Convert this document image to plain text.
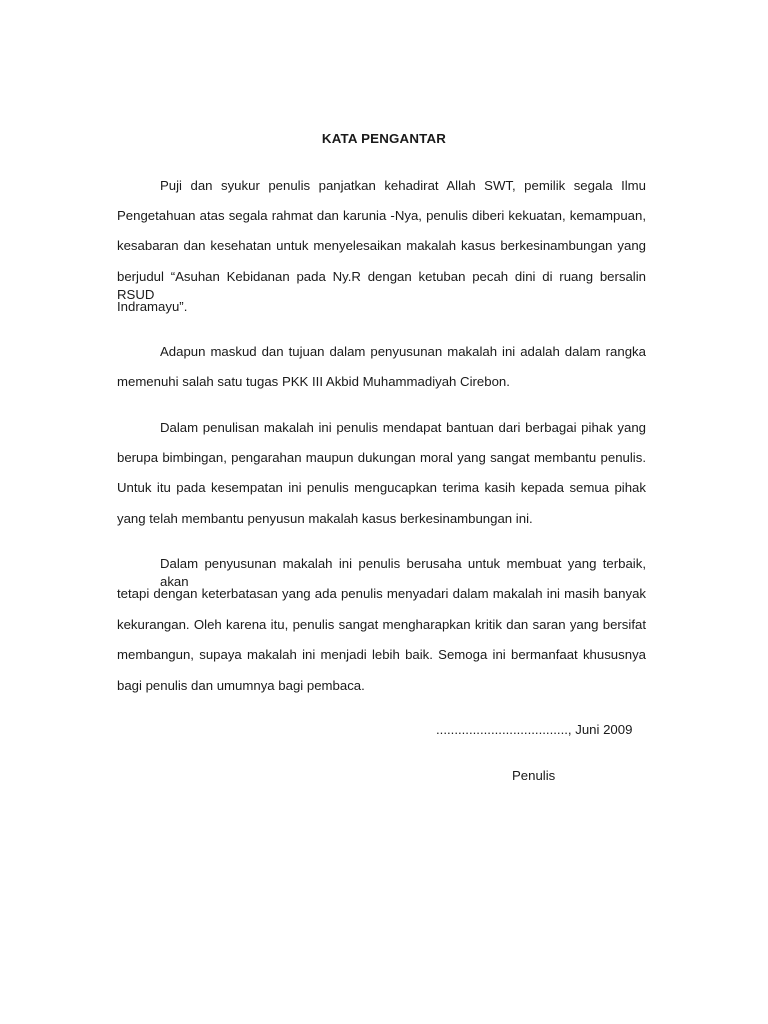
KATA PENGANTAR
Puji dan syukur penulis panjatkan kehadirat Allah SWT, pemilik segala Ilmu
Pengetahuan atas segala rahmat dan karunia -Nya, penulis diberi kekuatan, kemampuan,
kesabaran dan kesehatan untuk menyelesaikan makalah kasus berkesinambungan yang
berjudul “Asuhan Kebidanan pada Ny.R dengan ketuban pecah dini di ruang bersalin RSUD
Indramayu”.
Adapun maskud dan tujuan dalam penyusunan makalah ini adalah dalam rangka
memenuhi salah satu tugas PKK III Akbid Muhammadiyah Cirebon.
Dalam penulisan makalah ini penulis mendapat bantuan dari berbagai pihak yang
berupa bimbingan, pengarahan maupun dukungan moral yang sangat membantu penulis.
Untuk itu pada kesempatan ini penulis mengucapkan terima kasih kepada semua pihak
yang telah membantu penyusun makalah kasus berkesinambungan ini.
Dalam penyusunan makalah ini penulis berusaha untuk membuat yang terbaik, akan
tetapi dengan keterbatasan yang ada penulis menyadari dalam makalah ini masih banyak
kekurangan. Oleh karena itu, penulis sangat mengharapkan kritik dan saran yang bersifat
membangun, supaya makalah ini menjadi lebih baik. Semoga ini bermanfaat khususnya
bagi penulis dan umumnya bagi pembaca.
...................................., Juni 2009
Penulis
